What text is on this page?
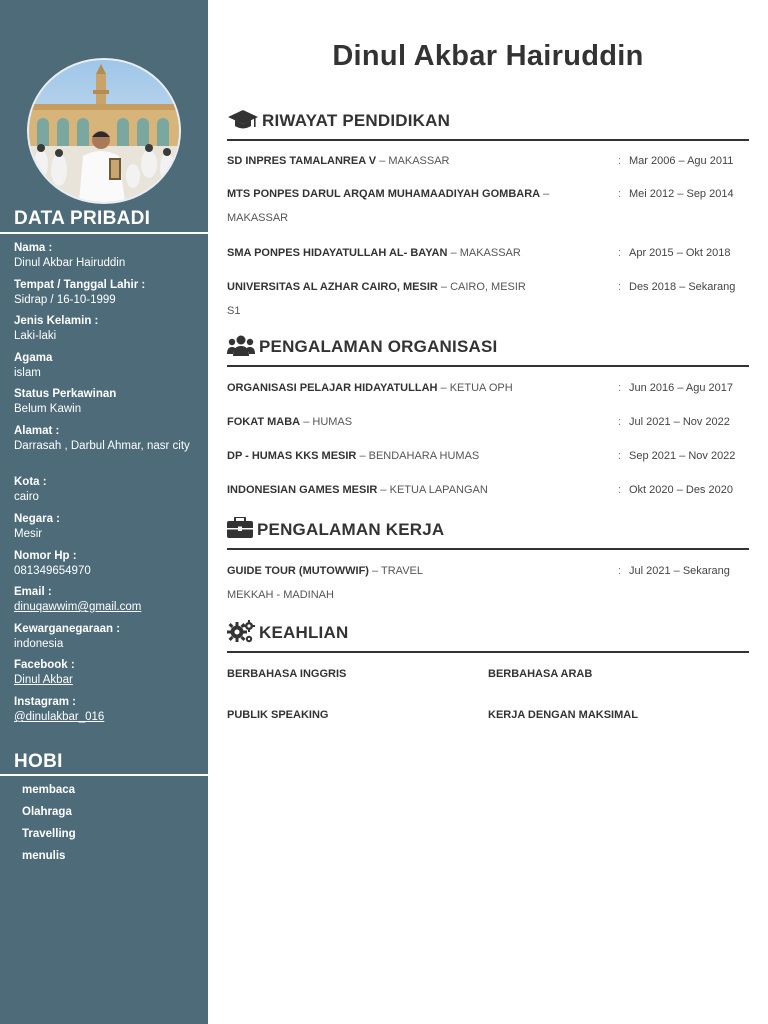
DATA PRIBADI
Nama :
Dinul Akbar Hairuddin
Tempat / Tanggal Lahir :
Sidrap / 16-10-1999
Jenis Kelamin :
Laki-laki
Agama
islam
Status Perkawinan
Belum Kawin
Alamat :
Darrasah , Darbul Ahmar, nasr city
Kota :
cairo
Negara :
Mesir
Nomor Hp :
081349654970
Email :
dinuqawwim@gmail.com
Kewarganegaraan :
indonesia
Facebook :
Dinul Akbar
Instagram :
@dinulakbar_016
HOBI
membaca
Olahraga
Travelling
menulis
Dinul Akbar Hairuddin
RIWAYAT PENDIDIKAN
SD INPRES TAMALANREA V – MAKASSAR	: Mar 2006 – Agu 2011
MTS PONPES DARUL ARQAM MUHAMAADIYAH GOMBARA – MAKASSAR
: Mei 2012 – Sep 2014
SMA PONPES HIDAYATULLAH AL- BAYAN – MAKASSAR	: Apr 2015 – Okt 2018
UNIVERSITAS AL AZHAR CAIRO, MESIR – CAIRO, MESIR
S1
: Des 2018 – Sekarang
PENGALAMAN ORGANISASI
ORGANISASI PELAJAR HIDAYATULLAH – KETUA OPH	: Jun 2016 – Agu 2017
FOKAT MABA – HUMAS	: Jul 2021 – Nov 2022
DP - HUMAS KKS MESIR – BENDAHARA HUMAS	: Sep 2021 – Nov 2022
INDONESIAN GAMES MESIR – KETUA LAPANGAN	: Okt 2020 – Des 2020
PENGALAMAN KERJA
GUIDE TOUR (MUTOWWIF) – TRAVEL MEKKAH - MADINAH
: Jul 2021 – Sekarang
KEAHLIAN
BERBAHASA INGGRIS	BERBAHASA ARAB
PUBLIK SPEAKING	KERJA DENGAN MAKSIMAL
